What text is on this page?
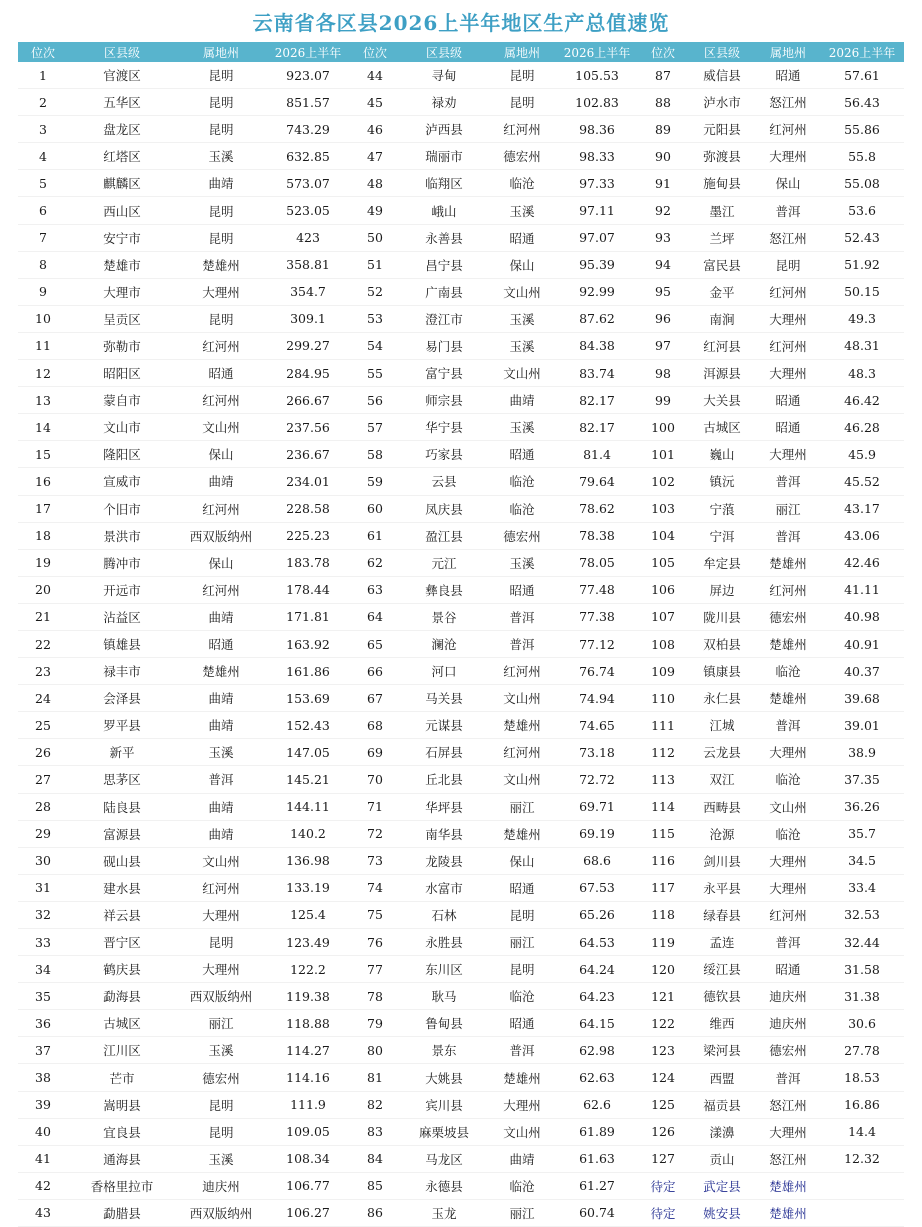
云南省各区县2026上半年地区生产总值速览
位次	区县级	属地州	2026上半年	位次	区县级	属地州	2026上半年	位次	区县级	属地州	2026上半年
1	官渡区	昆明	923.07	44	寻甸	昆明	105.53	87	威信县	昭通	57.61
2	五华区	昆明	851.57	45	禄劝	昆明	102.83	88	泸水市	怒江州	56.43
3	盘龙区	昆明	743.29	46	泸西县	红河州	98.36	89	元阳县	红河州	55.86
4	红塔区	玉溪	632.85	47	瑞丽市	德宏州	98.33	90	弥渡县	大理州	55.8
5	麒麟区	曲靖	573.07	48	临翔区	临沧	97.33	91	施甸县	保山	55.08
6	西山区	昆明	523.05	49	峨山	玉溪	97.11	92	墨江	普洱	53.6
7	安宁市	昆明	423	50	永善县	昭通	97.07	93	兰坪	怒江州	52.43
8	楚雄市	楚雄州	358.81	51	昌宁县	保山	95.39	94	富民县	昆明	51.92
9	大理市	大理州	354.7	52	广南县	文山州	92.99	95	金平	红河州	50.15
10	呈贡区	昆明	309.1	53	澄江市	玉溪	87.62	96	南涧	大理州	49.3
11	弥勒市	红河州	299.27	54	易门县	玉溪	84.38	97	红河县	红河州	48.31
12	昭阳区	昭通	284.95	55	富宁县	文山州	83.74	98	洱源县	大理州	48.3
13	蒙自市	红河州	266.67	56	师宗县	曲靖	82.17	99	大关县	昭通	46.42
14	文山市	文山州	237.56	57	华宁县	玉溪	82.17	100	古城区	昭通	46.28
15	隆阳区	保山	236.67	58	巧家县	昭通	81.4	101	巍山	大理州	45.9
16	宣威市	曲靖	234.01	59	云县	临沧	79.64	102	镇沅	普洱	45.52
17	个旧市	红河州	228.58	60	凤庆县	临沧	78.62	103	宁蒗	丽江	43.17
18	景洪市	西双版纳州	225.23	61	盈江县	德宏州	78.38	104	宁洱	普洱	43.06
19	腾冲市	保山	183.78	62	元江	玉溪	78.05	105	牟定县	楚雄州	42.46
20	开远市	红河州	178.44	63	彝良县	昭通	77.48	106	屏边	红河州	41.11
21	沾益区	曲靖	171.81	64	景谷	普洱	77.38	107	陇川县	德宏州	40.98
22	镇雄县	昭通	163.92	65	澜沧	普洱	77.12	108	双柏县	楚雄州	40.91
23	禄丰市	楚雄州	161.86	66	河口	红河州	76.74	109	镇康县	临沧	40.37
24	会泽县	曲靖	153.69	67	马关县	文山州	74.94	110	永仁县	楚雄州	39.68
25	罗平县	曲靖	152.43	68	元谋县	楚雄州	74.65	111	江城	普洱	39.01
26	新平	玉溪	147.05	69	石屏县	红河州	73.18	112	云龙县	大理州	38.9
27	思茅区	普洱	145.21	70	丘北县	文山州	72.72	113	双江	临沧	37.35
28	陆良县	曲靖	144.11	71	华坪县	丽江	69.71	114	西畴县	文山州	36.26
29	富源县	曲靖	140.2	72	南华县	楚雄州	69.19	115	沧源	临沧	35.7
30	砚山县	文山州	136.98	73	龙陵县	保山	68.6	116	剑川县	大理州	34.5
31	建水县	红河州	133.19	74	水富市	昭通	67.53	117	永平县	大理州	33.4
32	祥云县	大理州	125.4	75	石林	昆明	65.26	118	绿春县	红河州	32.53
33	晋宁区	昆明	123.49	76	永胜县	丽江	64.53	119	孟连	普洱	32.44
34	鹤庆县	大理州	122.2	77	东川区	昆明	64.24	120	绥江县	昭通	31.58
35	勐海县	西双版纳州	119.38	78	耿马	临沧	64.23	121	德钦县	迪庆州	31.38
36	古城区	丽江	118.88	79	鲁甸县	昭通	64.15	122	维西	迪庆州	30.6
37	江川区	玉溪	114.27	80	景东	普洱	62.98	123	梁河县	德宏州	27.78
38	芒市	德宏州	114.16	81	大姚县	楚雄州	62.63	124	西盟	普洱	18.53
39	嵩明县	昆明	111.9	82	宾川县	大理州	62.6	125	福贡县	怒江州	16.86
40	宜良县	昆明	109.05	83	麻栗坡县	文山州	61.89	126	漾濞	大理州	14.4
41	通海县	玉溪	108.34	84	马龙区	曲靖	61.63	127	贡山	怒江州	12.32
42	香格里拉市	迪庆州	106.77	85	永德县	临沧	61.27	待定	武定县	楚雄州	
43	勐腊县	西双版纳州	106.27	86	玉龙	丽江	60.74	待定	姚安县	楚雄州	
